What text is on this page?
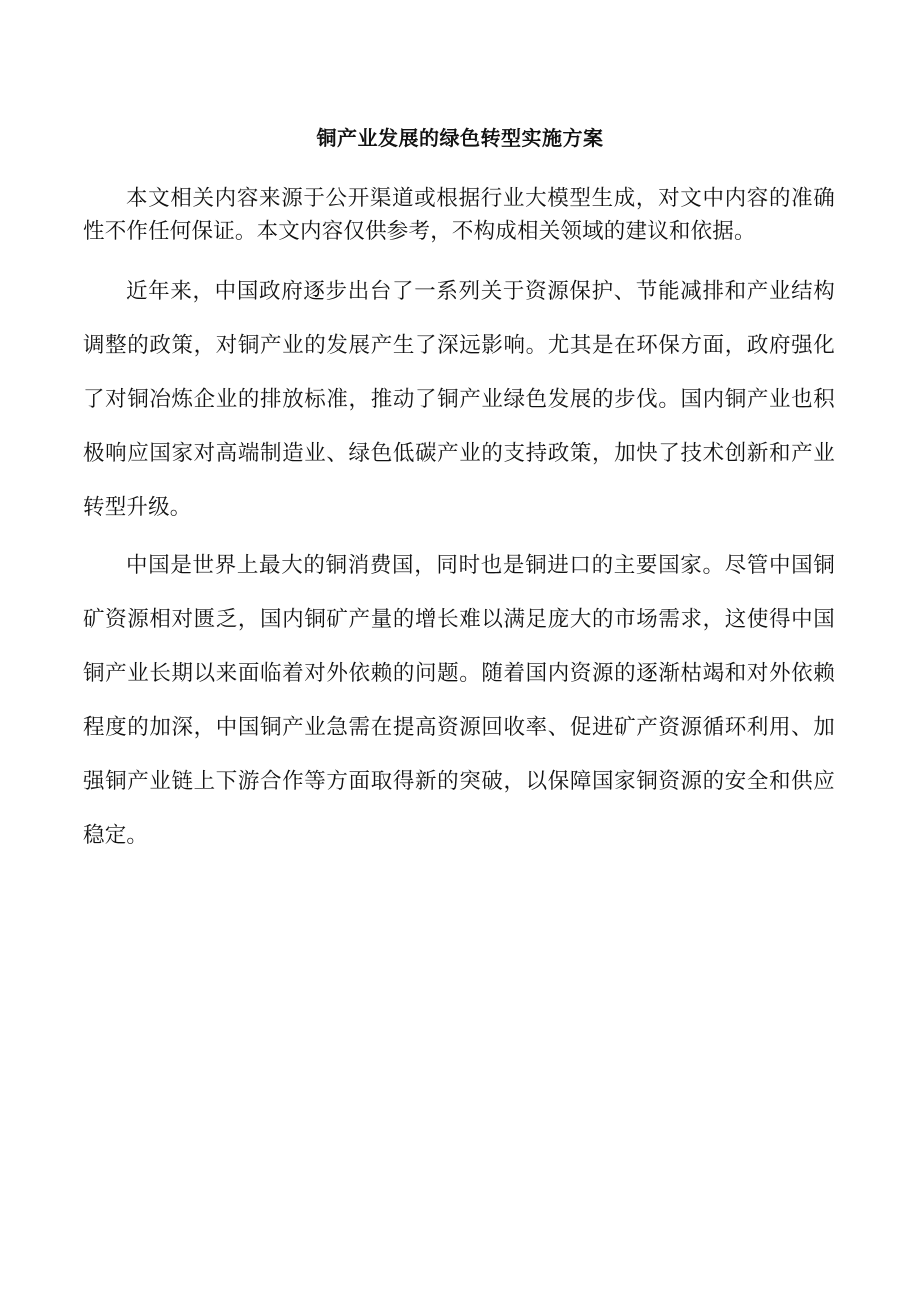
铜产业发展的绿色转型实施方案

本文相关内容来源于公开渠道或根据行业大模型生成，对文中内容的准确性不作任何保证。本文内容仅供参考，不构成相关领域的建议和依据。

近年来，中国政府逐步出台了一系列关于资源保护、节能减排和产业结构调整的政策，对铜产业的发展产生了深远影响。尤其是在环保方面，政府强化了对铜冶炼企业的排放标准，推动了铜产业绿色发展的步伐。国内铜产业也积极响应国家对高端制造业、绿色低碳产业的支持政策，加快了技术创新和产业转型升级。

中国是世界上最大的铜消费国，同时也是铜进口的主要国家。尽管中国铜矿资源相对匮乏，国内铜矿产量的增长难以满足庞大的市场需求，这使得中国铜产业长期以来面临着对外依赖的问题。随着国内资源的逐渐枯竭和对外依赖程度的加深，中国铜产业急需在提高资源回收率、促进矿产资源循环利用、加强铜产业链上下游合作等方面取得新的突破，以保障国家铜资源的安全和供应稳定。
